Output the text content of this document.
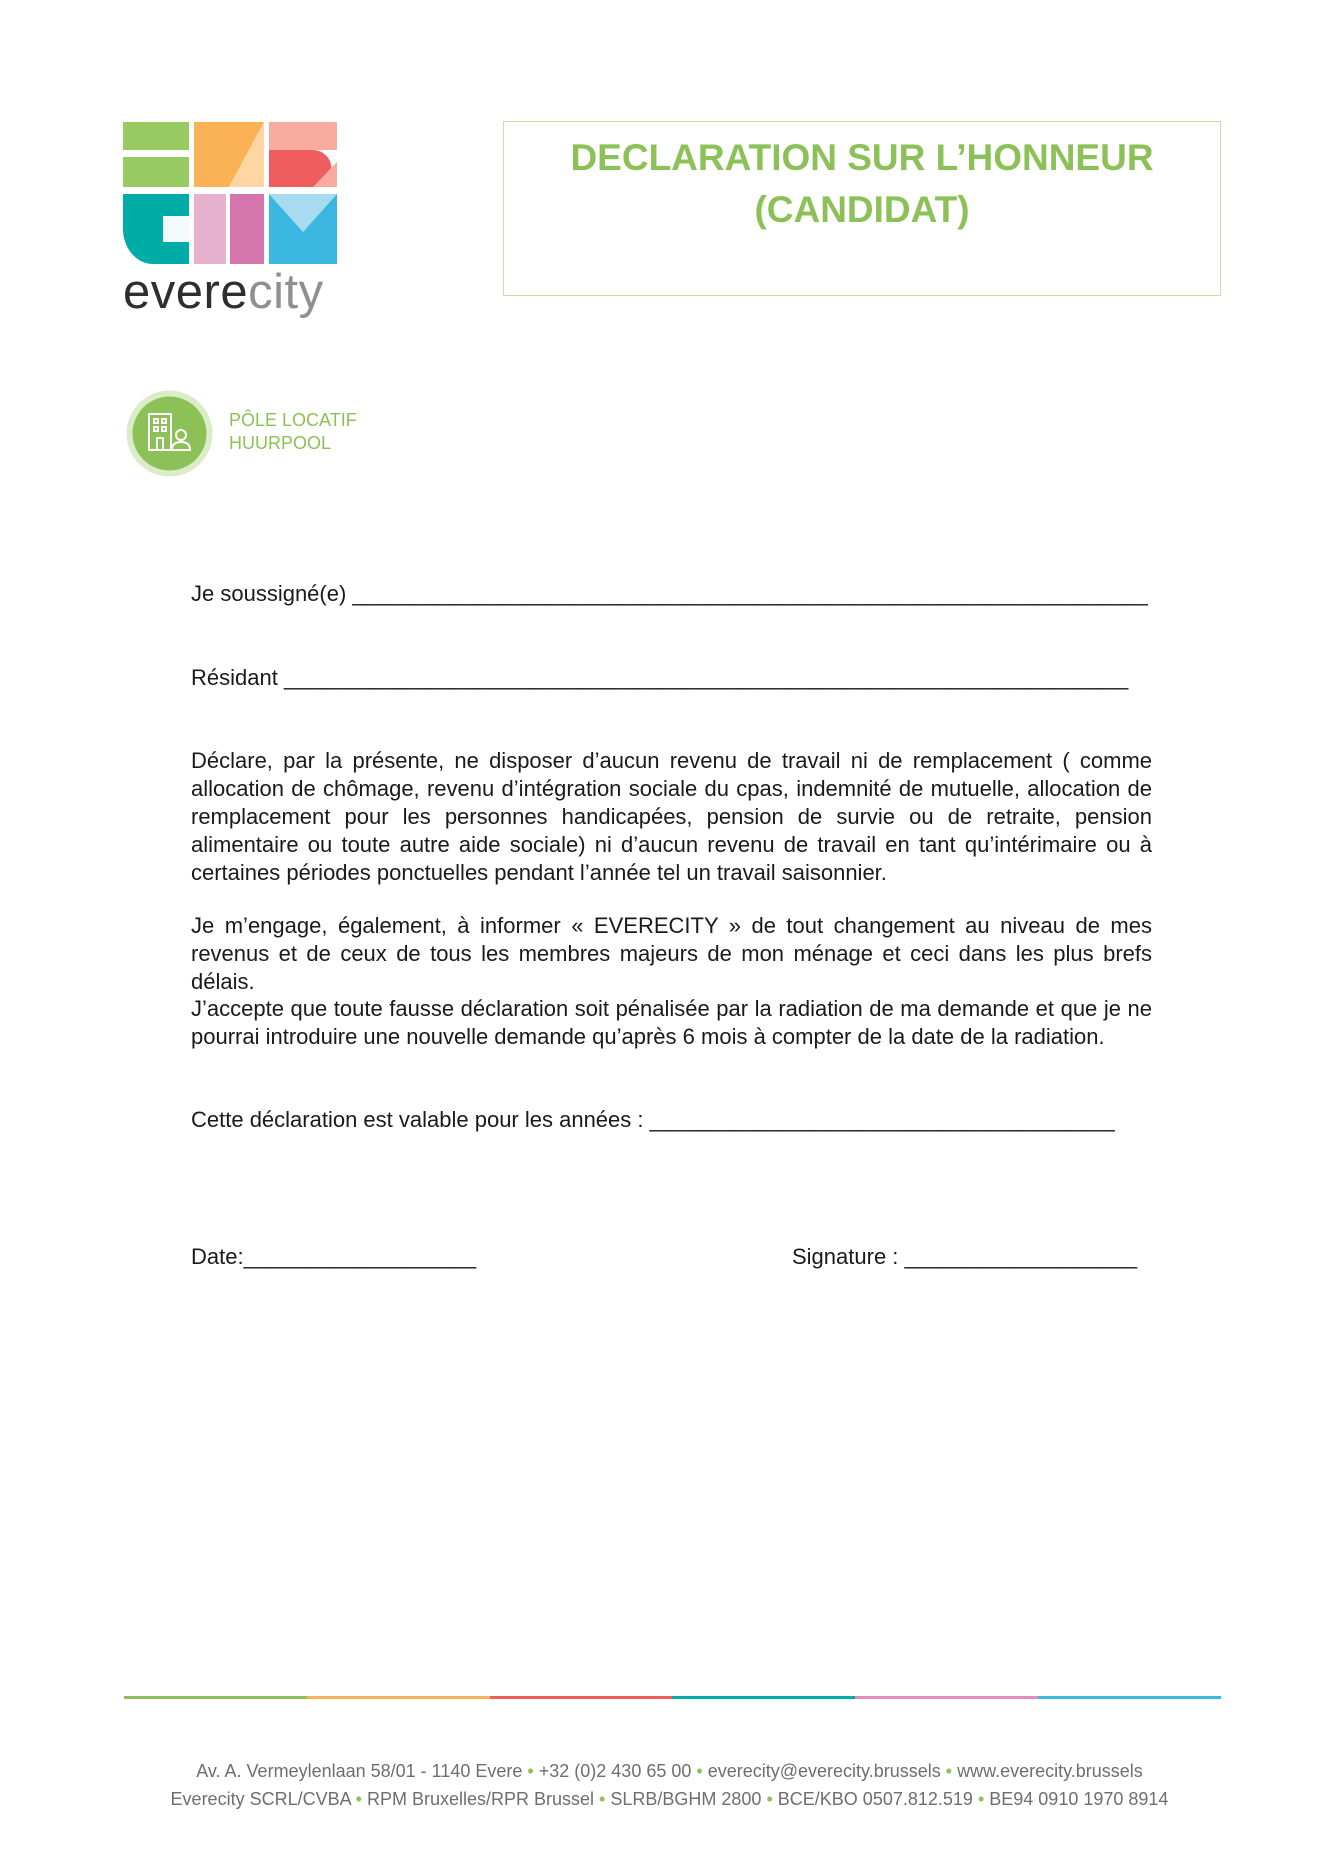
everecity
DECLARATION SUR L’HONNEUR
(CANDIDAT)
PÔLE LOCATIF
HUURPOOL
Je soussigné(e) _________________________________________________________________
Résidant _____________________________________________________________________

Déclare, par la présente, ne disposer d’aucun revenu de travail ni de remplacement ( comme allocation de chômage, revenu d’intégration sociale du cpas, indemnité de mutuelle, allocation de remplacement pour les personnes handicapées, pension de survie ou de retraite, pension alimentaire ou toute autre aide sociale) ni d’aucun revenu de travail en tant qu’intérimaire ou à certaines périodes ponctuelles pendant l’année tel un travail saisonnier.

Je m’engage, également, à informer « EVERECITY » de tout changement au niveau de mes revenus et de ceux de tous les membres majeurs de mon ménage et ceci dans les plus brefs délais.

J’accepte que toute fausse déclaration soit pénalisée par la radiation de ma demande et que je ne pourrai introduire une nouvelle demande qu’après 6 mois à compter de la date de la radiation.

Cette déclaration est valable pour les années : ______________________________________
Date:___________________	Signature : ___________________
Av. A. Vermeylenlaan 58/01 - 1140 Evere • +32 (0)2 430 65 00 • everecity@everecity.brussels • www.everecity.brussels
Everecity SCRL/CVBA • RPM Bruxelles/RPR Brussel • SLRB/BGHM 2800 • BCE/KBO 0507.812.519 • BE94 0910 1970 8914
